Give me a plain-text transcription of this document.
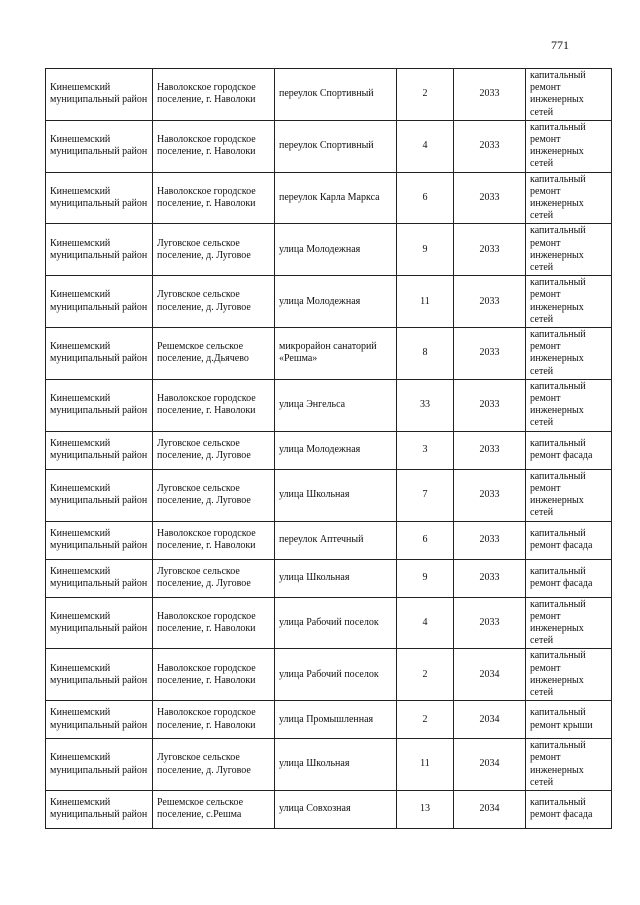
771
Кинешемский муниципальный район	Наволокское городское поселение, г. Наволоки	переулок Спортивный	2	2033	капитальный ремонт инженерных сетей
Кинешемский муниципальный район	Наволокское городское поселение, г. Наволоки	переулок Спортивный	4	2033	капитальный ремонт инженерных сетей
Кинешемский муниципальный район	Наволокское городское поселение, г. Наволоки	переулок Карла Маркса	6	2033	капитальный ремонт инженерных сетей
Кинешемский муниципальный район	Луговское сельское поселение, д. Луговое	улица Молодежная	9	2033	капитальный ремонт инженерных сетей
Кинешемский муниципальный район	Луговское сельское поселение, д. Луговое	улица Молодежная	11	2033	капитальный ремонт инженерных сетей
Кинешемский муниципальный район	Решемское сельское поселение, д.Дьячево	микрорайон санаторий «Решма»	8	2033	капитальный ремонт инженерных сетей
Кинешемский муниципальный район	Наволокское городское поселение, г. Наволоки	улица Энгельса	33	2033	капитальный ремонт инженерных сетей
Кинешемский муниципальный район	Луговское сельское поселение, д. Луговое	улица Молодежная	3	2033	капитальный ремонт фасада
Кинешемский муниципальный район	Луговское сельское поселение, д. Луговое	улица Школьная	7	2033	капитальный ремонт инженерных сетей
Кинешемский муниципальный район	Наволокское городское поселение, г. Наволоки	переулок Аптечный	6	2033	капитальный ремонт фасада
Кинешемский муниципальный район	Луговское сельское поселение, д. Луговое	улица Школьная	9	2033	капитальный ремонт фасада
Кинешемский муниципальный район	Наволокское городское поселение, г. Наволоки	улица Рабочий поселок	4	2033	капитальный ремонт инженерных сетей
Кинешемский муниципальный район	Наволокское городское поселение, г. Наволоки	улица Рабочий поселок	2	2034	капитальный ремонт инженерных сетей
Кинешемский муниципальный район	Наволокское городское поселение, г. Наволоки	улица Промышленная	2	2034	капитальный ремонт крыши
Кинешемский муниципальный район	Луговское сельское поселение, д. Луговое	улица Школьная	11	2034	капитальный ремонт инженерных сетей
Кинешемский муниципальный район	Решемское сельское поселение, с.Решма	улица Совхозная	13	2034	капитальный ремонт фасада
